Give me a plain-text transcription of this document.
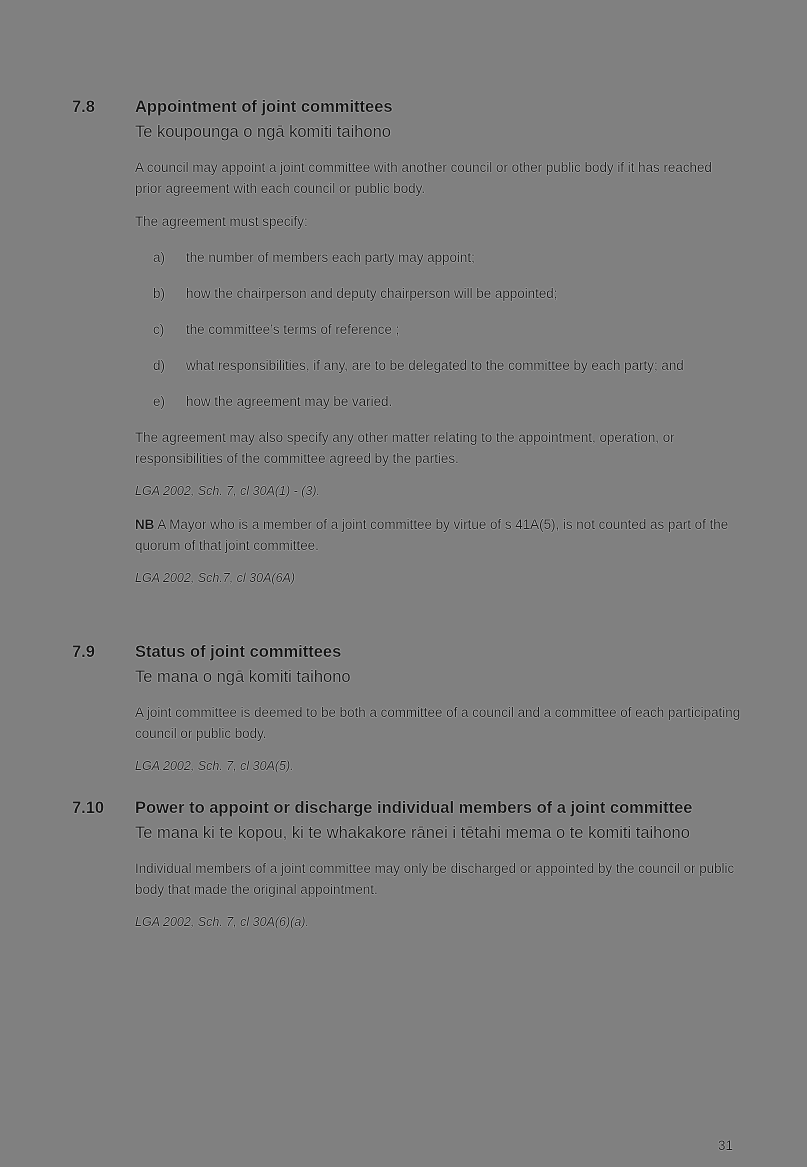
7.8	Appointment of joint committees
Te koupounga o ngā komiti taihono

A council may appoint a joint committee with another council or other public body if it has reached prior agreement with each council or public body.

The agreement must specify:

a)	the number of members each party may appoint;
b)	how the chairperson and deputy chairperson will be appointed;
c)	the committee’s terms of reference ;
d)	what responsibilities, if any, are to be delegated to the committee by each party; and
e)	how the agreement may be varied.

The agreement may also specify any other matter relating to the appointment, operation, or responsibilities of the committee agreed by the parties.

LGA 2002, Sch. 7, cl 30A(1) - (3).

NB A Mayor who is a member of a joint committee by virtue of s 41A(5), is not counted as part of the quorum of that joint committee.

LGA 2002, Sch.7, cl 30A(6A)

7.9	Status of joint committees
Te mana o ngā komiti taihono

A joint committee is deemed to be both a committee of a council and a committee of each participating council or public body.

LGA 2002, Sch. 7, cl 30A(5).

7.10	Power to appoint or discharge individual members of a joint committee
Te mana ki te kopou, ki te whakakore rānei i tētahi mema o te komiti taihono

Individual members of a joint committee may only be discharged or appointed by the council or public body that made the original appointment.

LGA 2002, Sch. 7, cl 30A(6)(a).

31
